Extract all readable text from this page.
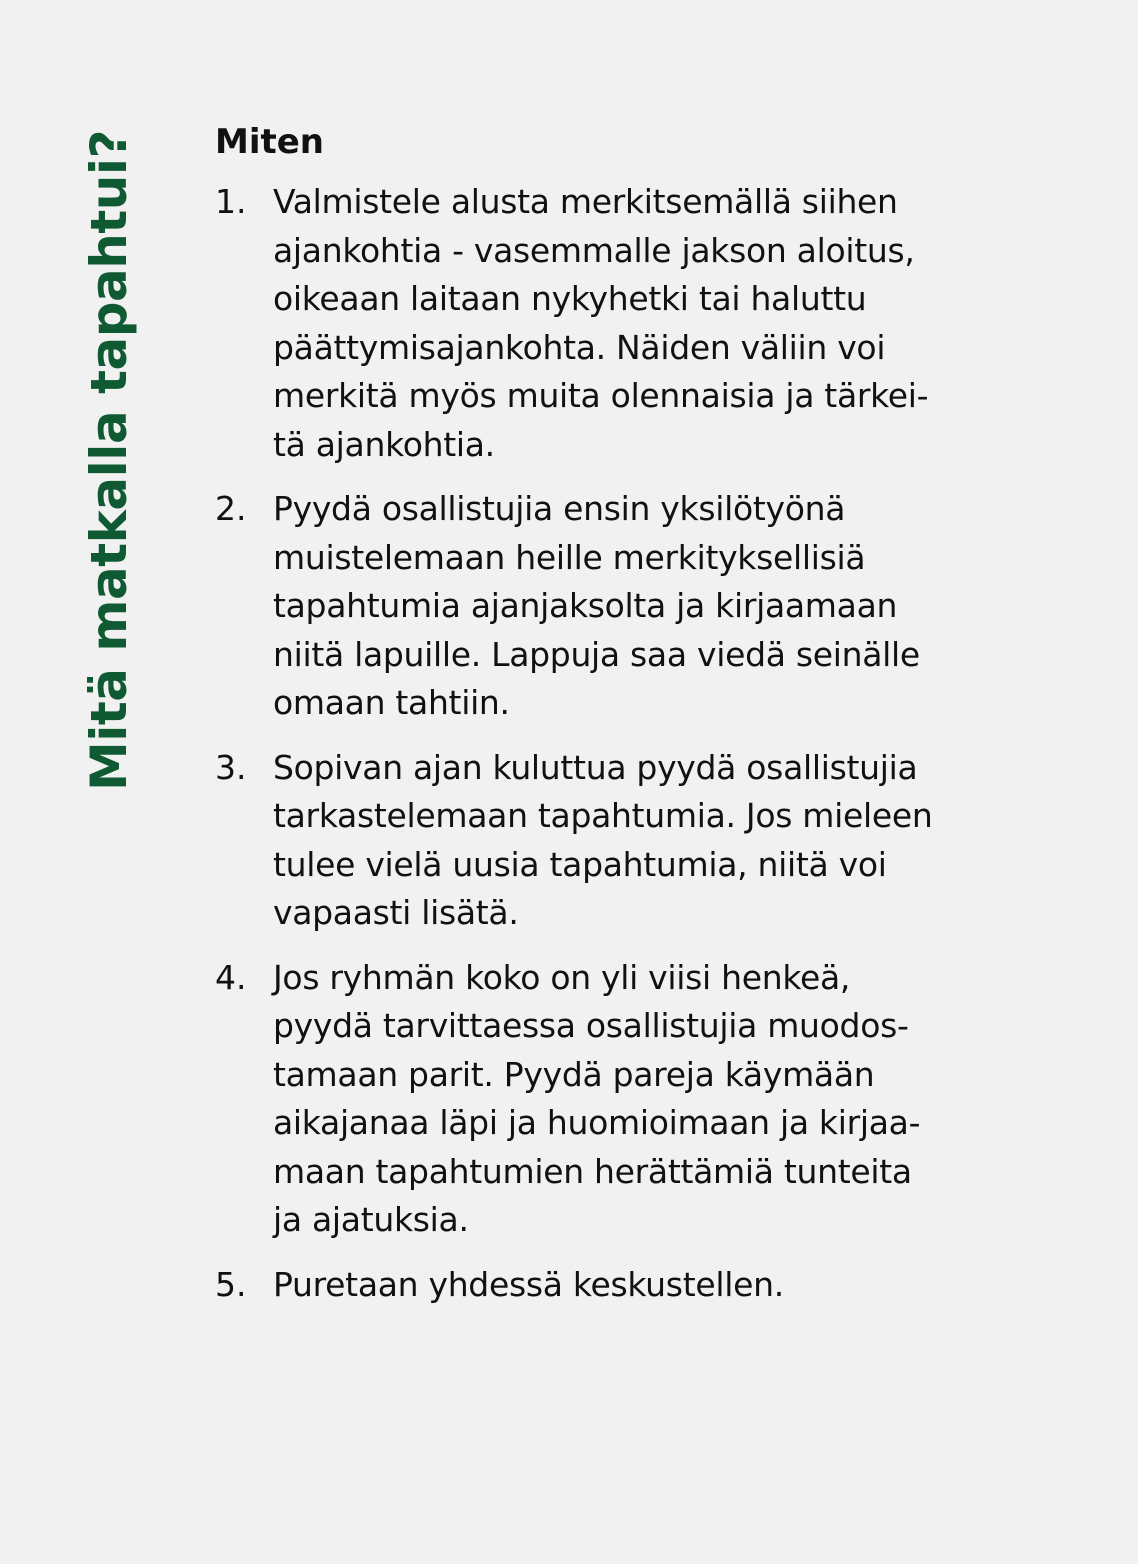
Mitä matkalla tapahtui? Miten
1. Valmistele alusta merkitsemällä siihen
ajankohtia - vasemmalle jakson aloitus,
oikeaan laitaan nykyhetki tai haluttu
päättymisajankohta. Näiden väliin voi
merkitä myös muita olennaisia ja tärkei-
tä ajankohtia.
2. Pyydä osallistujia ensin yksilötyönä
muistelemaan heille merkityksellisiä
tapahtumia ajanjaksolta ja kirjaamaan
niitä lapuille. Lappuja saa viedä seinälle
omaan tahtiin.
3. Sopivan ajan kuluttua pyydä osallistujia
tarkastelemaan tapahtumia. Jos mieleen
tulee vielä uusia tapahtumia, niitä voi
vapaasti lisätä.
4. Jos ryhmän koko on yli viisi henkeä,
pyydä tarvittaessa osallistujia muodos-
tamaan parit. Pyydä pareja käymään
aikajanaa läpi ja huomioimaan ja kirjaa-
maan tapahtumien herättämiä tunteita
ja ajatuksia.
5. Puretaan yhdessä keskustellen.
